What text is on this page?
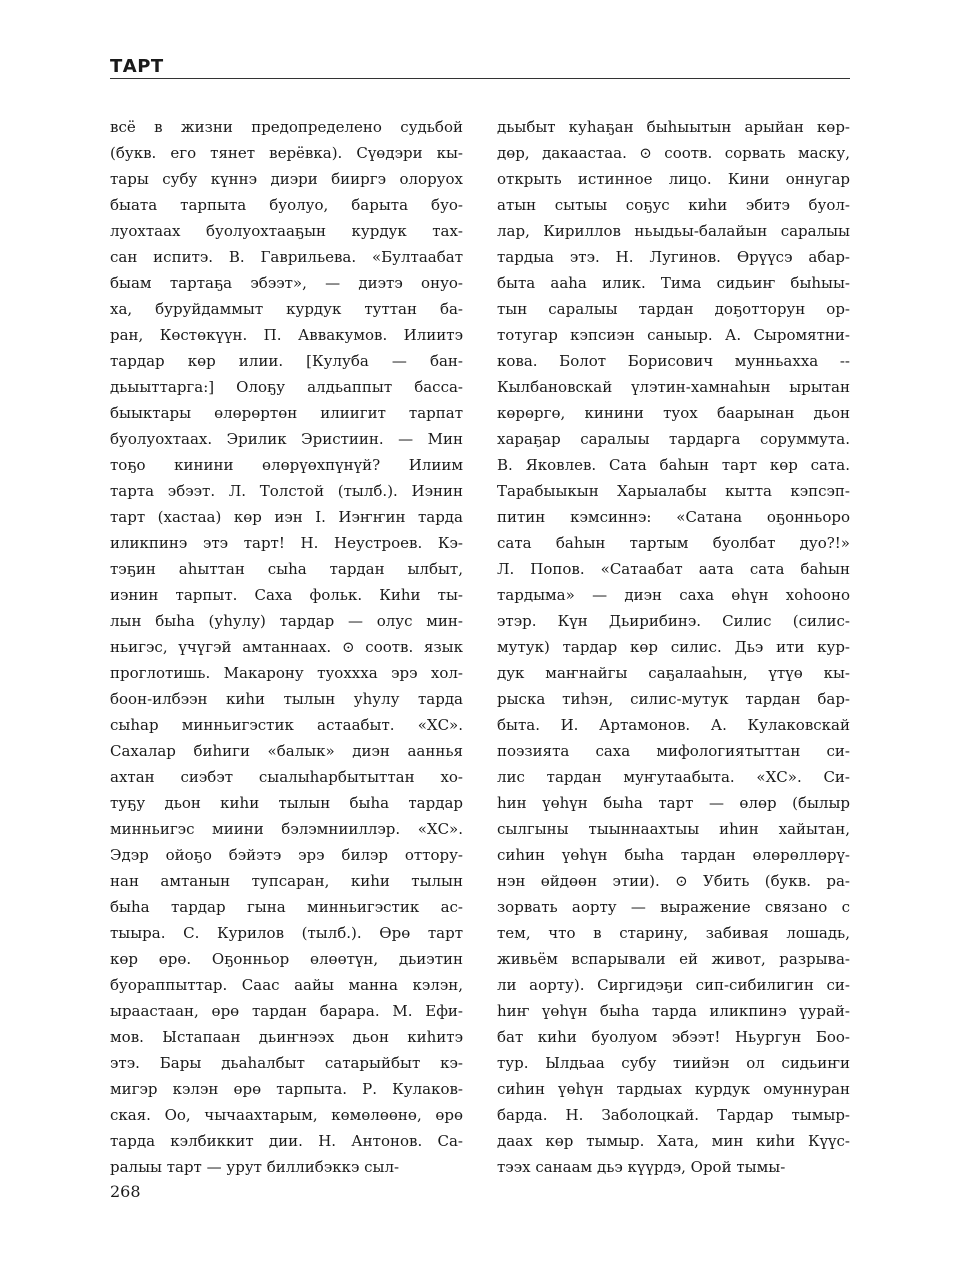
ТАРТ
всё в жизни предопределено судьбой
(букв. его тянет верёвка). Сүөдэри кы-
тары субу күннэ диэри бииргэ олоруох
быата тарпыта буолуо, барыта буо-
луохтаах буолуохтааҕын курдук тах-
сан испитэ. В. Гаврильева. «Бултаабат
быам тартаҕа эбээт», — диэтэ онуо-
ха, буруйдаммыт курдук туттан ба-
ран, Көстөкүүн. П. Аввакумов. Илиитэ
тардар көр илии. [Кулуба — бан-
дьыыттарга:] Олоҕу алдьаппыт басса-
быыктары өлөрөртөн илиигит тарпат
буолуохтаах. Эрилик Эристиин. — Мин
тоҕо кинини өлөрүөхпүнүй? Илиим
тарта эбээт. Л. Толстой (тылб.). Иэнин
тарт (хастаа) көр иэн I. Иэҥҥин тарда
иликпинэ этэ тарт! Н. Неустроев. Кэ-
тэҕин аһыттан сыһа тардан ылбыт,
иэнин тарпыт. Саха фольк. Киһи ты-
лын быһа (уһулу) тардар — олус мин-
ньигэс, үчүгэй амтаннаах. ⊙ соотв. язык
проглотишь. Макарону туоххха эрэ хол-
боон-илбээн киһи тылын уһулу тарда
сыһар минньигэстик астаабыт. «ХС».
Сахалар биһиги «балык» диэн ааннья
ахтан сиэбэт сыалыһарбытыттан хо-
туҕу дьон киһи тылын быһа тардар
минньигэс миини бэлэмнииллэр. «ХС».
Эдэр ойоҕо бэйэтэ эрэ билэр оттору-
нан амтанын тупсаран, киһи тылын
быһа тардар гына минньигэстик ас-
тыыра. С. Курилов (тылб.). Өрө тарт
көр өрө. Оҕонньор өлөөтүн, дьиэтин
буораппыттар. Саас аайы манна кэлэн,
ыраастаан, өрө тардан барара. М. Ефи-
мов. Ыстапаан дьиҥнээх дьон киһитэ
этэ. Бары дьаһалбыт сатарыйбыт кэ-
мигэр кэлэн өрө тарпыта. Р. Кулаков-
ская. Оо, чычаахтарым, көмөлөөнө, өрө
тарда кэлбиккит дии. Н. Антонов. Са-
ралыы тарт — урут биллибэккэ сыл-
дьыбыт куһаҕан быһыытын арыйан көр-
дөр, дакаастаа. ⊙ соотв. сорвать маску,
открыть истинное лицо. Кини оннугар
атын сытыы соҕус киһи эбитэ буол-
лар, Кириллов ньыдьы-балайын саралыы
тардыа этэ. Н. Лугинов. Өрүүсэ абар-
быта ааһа илик. Тима сидьиҥ быһыы-
тын саралыы тардан доҕотторун ор-
тотугар кэпсиэн саныыр. А. Сыромятни-
кова. Болот Борисович мунньахха --
Кылбановскай үлэтин-хамнаһын ырытан
көрөргө, кинини туох баарынан дьон
хараҕар саралыы тардарга соруммута.
В. Яковлев. Сата баһын тарт көр сата.
Тарабыыкын Харыалабы кытта кэпсэп-
питин кэмсиннэ: «Сатана оҕонньоро
сата баһын тартым буолбат дуо?!»
Л. Попов. «Сатаабат аата сата баһын
тардыма» — диэн саха өһүн хоһооно
этэр. Күн Дьирибинэ. Силис (силис-
мутук) тардар көр силис. Дьэ ити кур-
дук маҥнайгы саҕалааһын, үтүө кы-
рыска тиһэн, силис-мутук тардан бар-
быта. И. Артамонов. А. Кулаковскай
поэзията саха мифологиятыттан си-
лис тардан муҥутаабыта. «ХС». Си-
һин үөһүн быһа тарт — өлөр (былыр
сылгыны тыыннаахтыы иһин хайытан,
сиһин үөһүн быһа тардан өлөрөллөрү-
нэн өйдөөн этии). ⊙ Убить (букв. ра-
зорвать аорту — выражение связано с
тем, что в старину, забивая лошадь,
живьём вспарывали ей живот, разрыва-
ли аорту). Сиргидэҕи сип-сибилигин си-
һиҥ үөһүн быһа тарда иликпинэ үурай-
бат киһи буолуом эбээт! Ньургун Боо-
тур. Ылдьаа субу тиийэн ол сидьиҥи
сиһин үөһүн тардыах курдук омуннуран
барда. Н. Заболоцкай. Тардар тымыр-
даах көр тымыр. Хата, мин киһи Күүс-
тээх санаам дьэ күүрдэ, Орой тымы-
268
